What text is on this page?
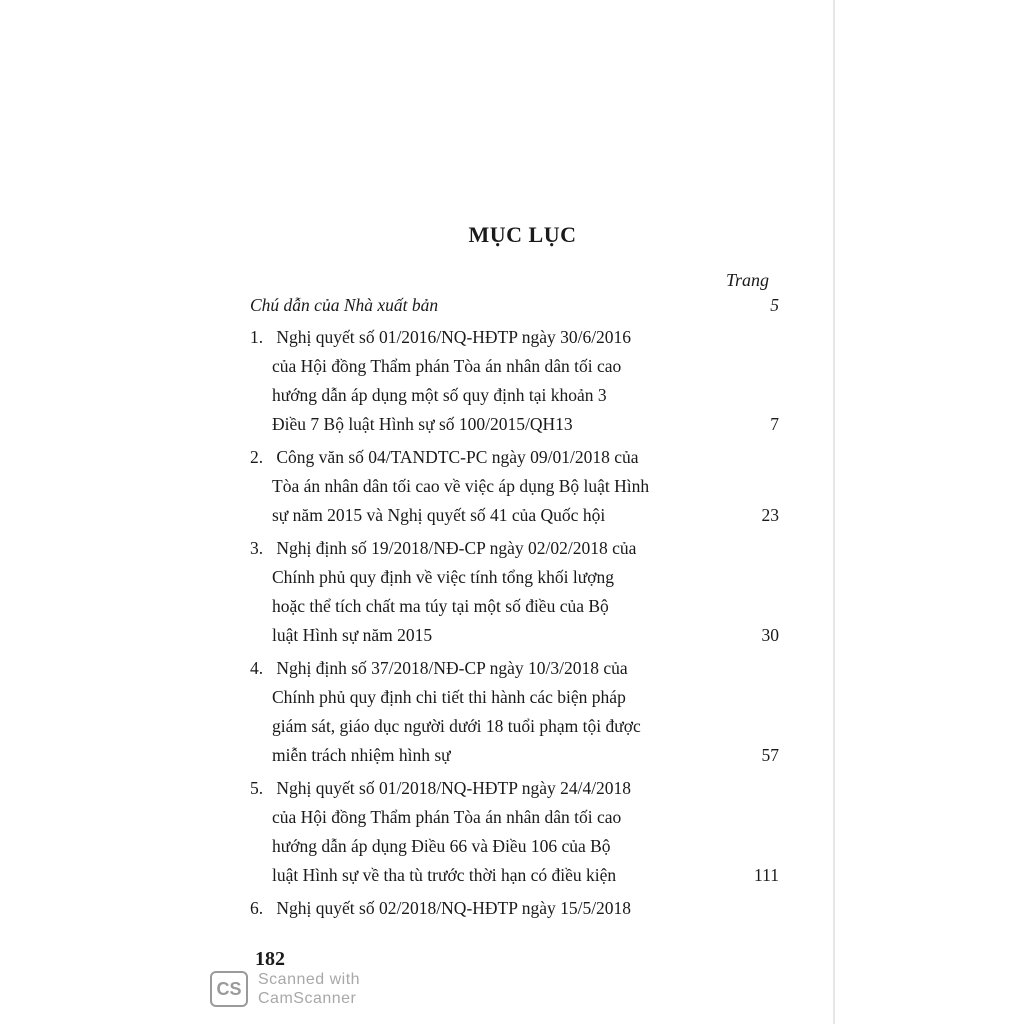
MỤC LỤC
Trang
Chú dẫn của Nhà xuất bản	5
1. Nghị quyết số 01/2016/NQ-HĐTP ngày 30/6/2016
của Hội đồng Thẩm phán Tòa án nhân dân tối cao
hướng dẫn áp dụng một số quy định tại khoản 3
Điều 7 Bộ luật Hình sự số 100/2015/QH13	7
2. Công văn số 04/TANDTC-PC ngày 09/01/2018 của
Tòa án nhân dân tối cao về việc áp dụng Bộ luật Hình
sự năm 2015 và Nghị quyết số 41 của Quốc hội	23
3. Nghị định số 19/2018/NĐ-CP ngày 02/02/2018 của
Chính phủ quy định về việc tính tổng khối lượng
hoặc thể tích chất ma túy tại một số điều của Bộ
luật Hình sự năm 2015	30
4. Nghị định số 37/2018/NĐ-CP ngày 10/3/2018 của
Chính phủ quy định chi tiết thi hành các biện pháp
giám sát, giáo dục người dưới 18 tuổi phạm tội được
miễn trách nhiệm hình sự	57
5. Nghị quyết số 01/2018/NQ-HĐTP ngày 24/4/2018
của Hội đồng Thẩm phán Tòa án nhân dân tối cao
hướng dẫn áp dụng Điều 66 và Điều 106 của Bộ
luật Hình sự về tha tù trước thời hạn có điều kiện	111
6. Nghị quyết số 02/2018/NQ-HĐTP ngày 15/5/2018
182
CS	Scanned with
CamScanner
